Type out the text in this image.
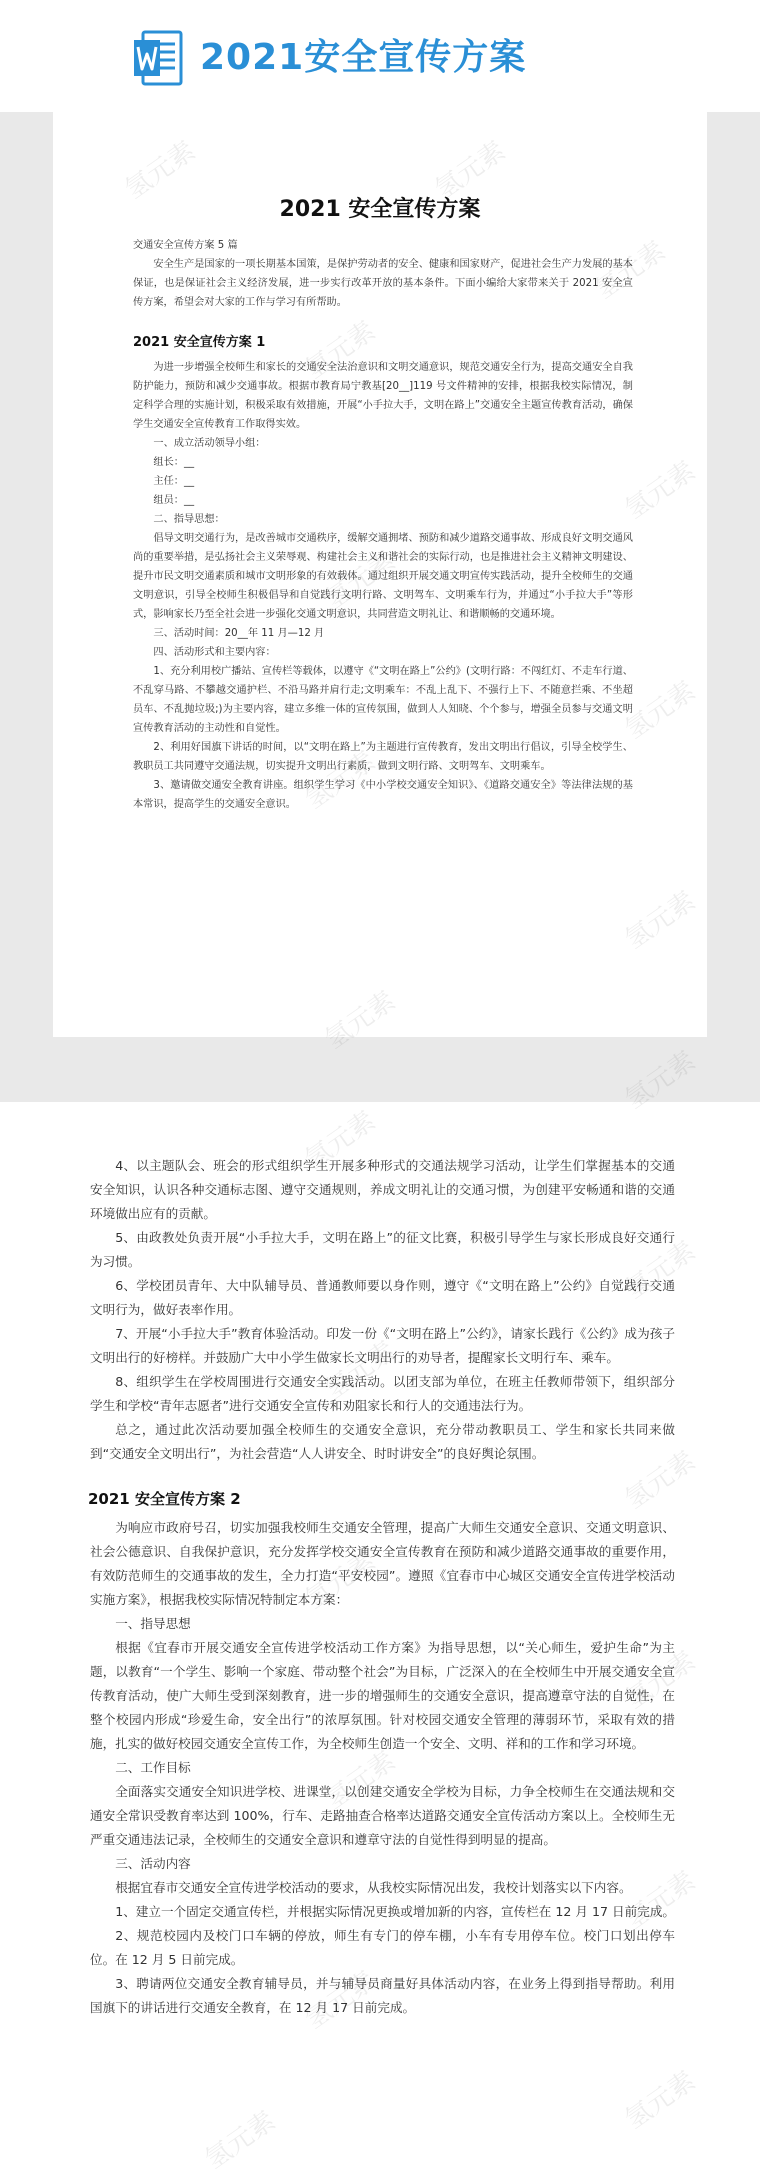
2021安全宣传方案
2021 安全宣传方案

交通安全宣传方案 5 篇

安全生产是国家的一项长期基本国策，是保护劳动者的安全、健康和国家财产，促进社会生产力发展的基本保证，也是保证社会主义经济发展，进一步实行改革开放的基本条件。下面小编给大家带来关于 2021 安全宣传方案，希望会对大家的工作与学习有所帮助。

2021 安全宣传方案 1

为进一步增强全校师生和家长的交通安全法治意识和文明交通意识，规范交通安全行为，提高交通安全自我防护能力，预防和减少交通事故。根据市教育局宁教基[20__]119 号文件精神的安排，根据我校实际情况，制定科学合理的实施计划，积极采取有效措施，开展“小手拉大手，文明在路上”交通安全主题宣传教育活动，确保学生交通安全宣传教育工作取得实效。

一、成立活动领导小组：

组长：__

主任：__

组员：__

二、指导思想：

倡导文明交通行为，是改善城市交通秩序，缓解交通拥堵、预防和减少道路交通事故、形成良好文明交通风尚的重要举措，是弘扬社会主义荣辱观、构建社会主义和谐社会的实际行动，也是推进社会主义精神文明建设、提升市民文明交通素质和城市文明形象的有效载体。通过组织开展交通文明宣传实践活动，提升全校师生的交通文明意识，引导全校师生积极倡导和自觉践行文明行路、文明驾车、文明乘车行为，并通过“小手拉大手”等形式，影响家长乃至全社会进一步强化交通文明意识，共同营造文明礼让、和谐顺畅的交通环境。

三、活动时间：20__年 11 月—12 月

四、活动形式和主要内容：

1、充分利用校广播站、宣传栏等载体，以遵守《“文明在路上”公约》(文明行路：不闯红灯、不走车行道、不乱穿马路、不攀越交通护栏、不沿马路并肩行走;文明乘车：不乱上乱下、不强行上下、不随意拦乘、不坐超员车、不乱抛垃圾;)为主要内容，建立多维一体的宣传氛围，做到人人知晓、个个参与，增强全员参与交通文明宣传教育活动的主动性和自觉性。

2、利用好国旗下讲话的时间，以“文明在路上”为主题进行宣传教育，发出文明出行倡议，引导全校学生、教职员工共同遵守交通法规，切实提升文明出行素质，做到文明行路、文明驾车、文明乘车。

3、邀请做交通安全教育讲座。组织学生学习《中小学校交通安全知识》、《道路交通安全》等法律法规的基本常识，提高学生的交通安全意识。

4、以主题队会、班会的形式组织学生开展多种形式的交通法规学习活动，让学生们掌握基本的交通安全知识，认识各种交通标志图、遵守交通规则，养成文明礼让的交通习惯，为创建平安畅通和谐的交通环境做出应有的贡献。

5、由政教处负责开展“小手拉大手，文明在路上”的征文比赛，积极引导学生与家长形成良好交通行为习惯。

6、学校团员青年、大中队辅导员、普通教师要以身作则，遵守《“文明在路上”公约》自觉践行交通文明行为，做好表率作用。

7、开展“小手拉大手”教育体验活动。印发一份《“文明在路上”公约》，请家长践行《公约》成为孩子文明出行的好榜样。并鼓励广大中小学生做家长文明出行的劝导者，提醒家长文明行车、乘车。

8、组织学生在学校周围进行交通安全实践活动。以团支部为单位，在班主任教师带领下，组织部分学生和学校“青年志愿者”进行交通安全宣传和劝阻家长和行人的交通违法行为。

总之，通过此次活动要加强全校师生的交通安全意识，充分带动教职员工、学生和家长共同来做到“交通安全文明出行”，为社会营造“人人讲安全、时时讲安全”的良好舆论氛围。

2021 安全宣传方案 2

为响应市政府号召，切实加强我校师生交通安全管理，提高广大师生交通安全意识、交通文明意识、社会公德意识、自我保护意识，充分发挥学校交通安全宣传教育在预防和减少道路交通事故的重要作用，有效防范师生的交通事故的发生，全力打造“平安校园”。遵照《宜春市中心城区交通安全宣传进学校活动实施方案》，根据我校实际情况特制定本方案：

一、指导思想

根据《宜春市开展交通安全宣传进学校活动工作方案》为指导思想，以“关心师生，爱护生命”为主题，以教育“一个学生、影响一个家庭、带动整个社会”为目标，广泛深入的在全校师生中开展交通安全宣传教育活动，使广大师生受到深刻教育，进一步的增强师生的交通安全意识，提高遵章守法的自觉性，在整个校园内形成“珍爱生命，安全出行”的浓厚氛围。针对校园交通安全管理的薄弱环节，采取有效的措施，扎实的做好校园交通安全宣传工作，为全校师生创造一个安全、文明、祥和的工作和学习环境。

二、工作目标

全面落实交通安全知识进学校、进课堂，以创建交通安全学校为目标，力争全校师生在交通法规和交通安全常识受教育率达到 100%，行车、走路抽查合格率达道路交通安全宣传活动方案以上。全校师生无严重交通违法记录，全校师生的交通安全意识和遵章守法的自觉性得到明显的提高。

三、活动内容

根据宜春市交通安全宣传进学校活动的要求，从我校实际情况出发，我校计划落实以下内容。

1、建立一个固定交通宣传栏，并根据实际情况更换或增加新的内容，宣传栏在 12 月 17 日前完成。

2、规范校园内及校门口车辆的停放，师生有专门的停车棚，小车有专用停车位。校门口划出停车位。在 12 月 5 日前完成。

3、聘请两位交通安全教育辅导员，并与辅导员商量好具体活动内容，在业务上得到指导帮助。利用国旗下的讲话进行交通安全教育，在 12 月 17 日前完成。

氢元素
氢元素
氢元素
氢元素
氢元素
氢元素
氢元素
氢元素
氢元素
氢元素
氢元素
